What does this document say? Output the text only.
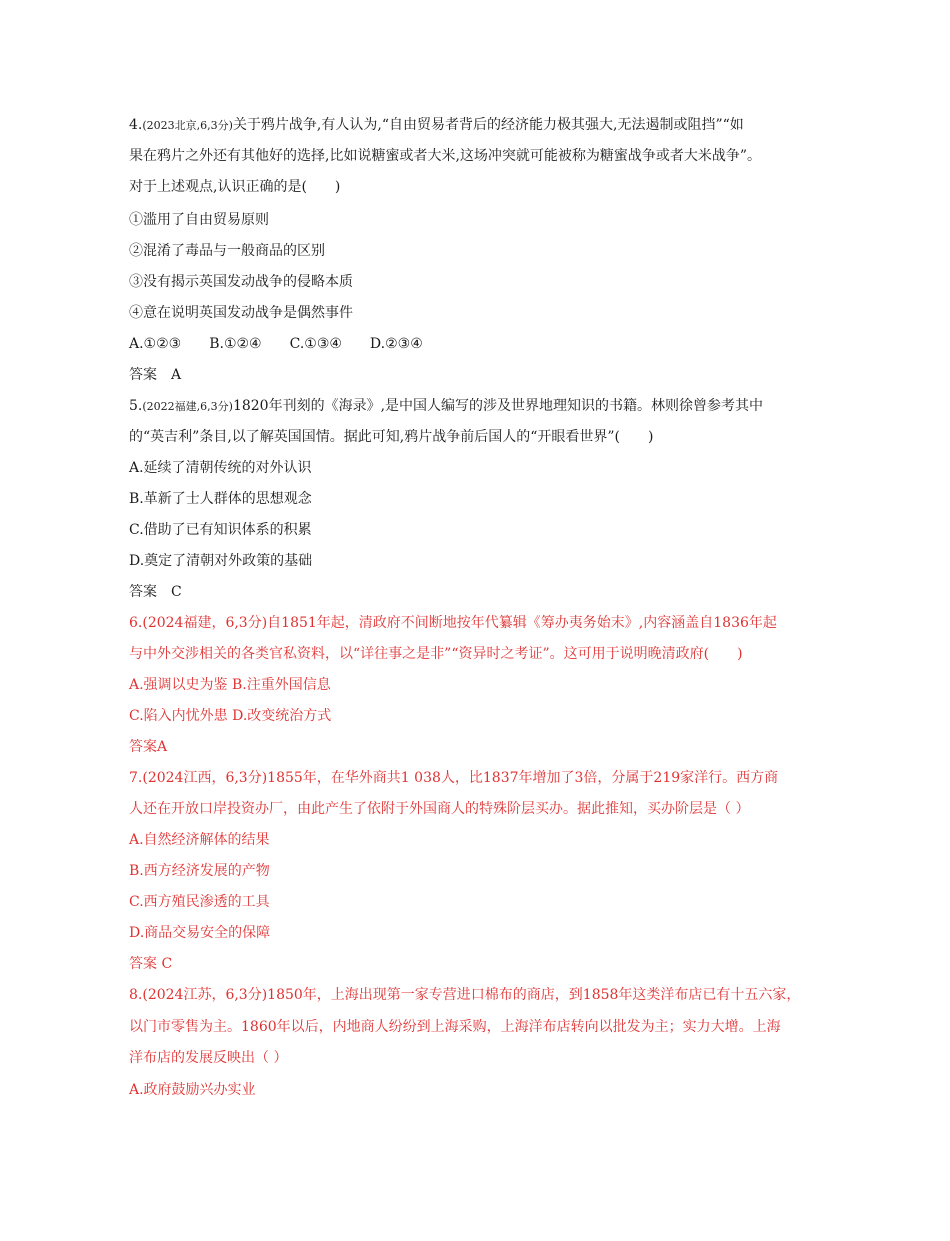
4.(2023北京,6,3分)关于鸦片战争,有人认为,“自由贸易者背后的经济能力极其强大,无法遏制或阻挡”“如
果在鸦片之外还有其他好的选择,比如说糖蜜或者大米,这场冲突就可能被称为糖蜜战争或者大米战争”。
对于上述观点,认识正确的是(　　)
①滥用了自由贸易原则
②混淆了毒品与一般商品的区别
③没有揭示英国发动战争的侵略本质
④意在说明英国发动战争是偶然事件
A.①②③　　B.①②④　　C.①③④　　D.②③④
答案　A
5.(2022福建,6,3分)1820年刊刻的《海录》,是中国人编写的涉及世界地理知识的书籍。林则徐曾参考其中
的“英吉利”条目,以了解英国国情。据此可知,鸦片战争前后国人的“开眼看世界”(　　)
A.延续了清朝传统的对外认识
B.革新了士人群体的思想观念
C.借助了已有知识体系的积累
D.奠定了清朝对外政策的基础
答案　C
6.(2024福建，6,3分)自1851年起，清政府不间断地按年代纂辑《筹办夷务始末》,内容涵盖自1836年起
与中外交涉相关的各类官私资料，以“详往事之是非”“资异时之考证”。这可用于说明晚清政府(　　)
A.强调以史为鉴 B.注重外国信息
C.陷入内忧外患 D.改变统治方式
答案A
7.(2024江西，6,3分)1855年，在华外商共1 038人，比1837年增加了3倍，分属于219家洋行。西方商
人还在开放口岸投资办厂，由此产生了依附于外国商人的特殊阶层买办。据此推知，买办阶层是（ ）
A.自然经济解体的结果
B.西方经济发展的产物
C.西方殖民渗透的工具
D.商品交易安全的保障
答案 C
8.(2024江苏，6,3分)1850年，上海出现第一家专营进口棉布的商店，到1858年这类洋布店已有十五六家，
以门市零售为主。1860年以后，内地商人纷纷到上海采购，上海洋布店转向以批发为主；实力大增。上海
洋布店的发展反映出（ ）
A.政府鼓励兴办实业
